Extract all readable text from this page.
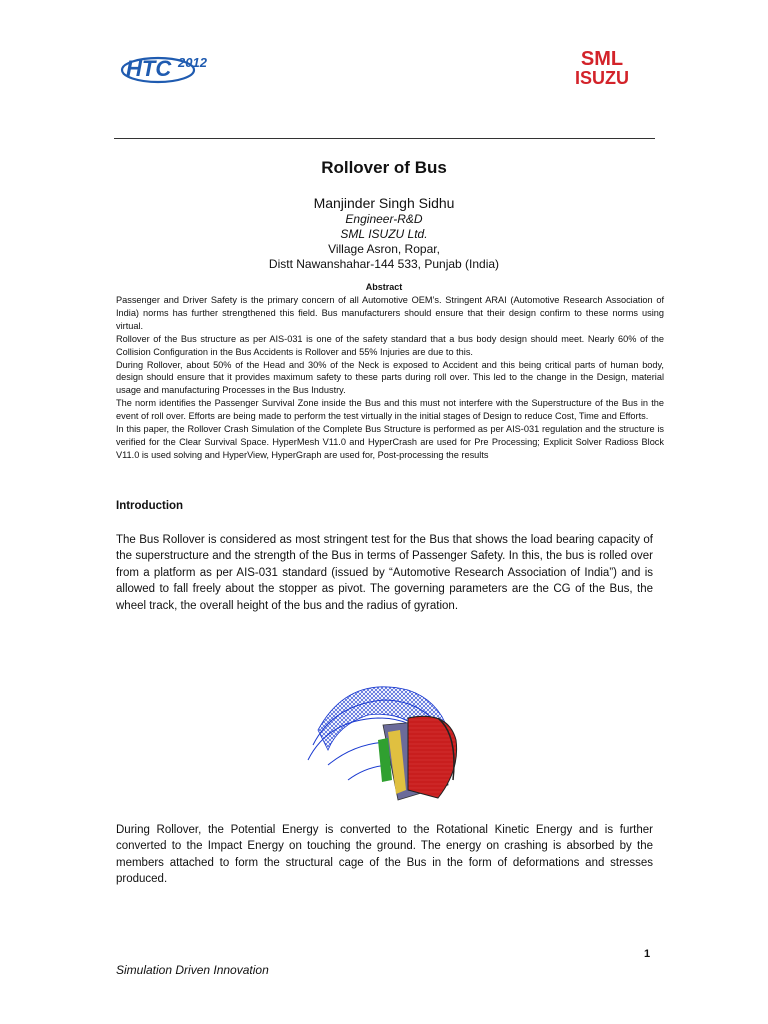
HTC 2012	SML
ISUZU
Rollover of Bus
Manjinder Singh Sidhu
Engineer-R&D
SML ISUZU Ltd.
Village Asron, Ropar,
Distt Nawanshahar-144 533, Punjab (India)
Abstract

Passenger and Driver Safety is the primary concern of all Automotive OEM’s. Stringent ARAI (Automotive Research Association of India) norms has further strengthened this field. Bus manufacturers should ensure that their design confirm to these norms using virtual.

Rollover of the Bus structure as per AIS-031 is one of the safety standard that a bus body design should meet. Nearly 60% of the Collision Configuration in the Bus Accidents is Rollover and 55% Injuries are due to this.

During Rollover, about 50% of the Head and 30% of the Neck is exposed to Accident and this being critical parts of human body, design should ensure that it provides maximum safety to these parts during roll over. This led to the change in the Design, material usage and manufacturing Processes in the Bus Industry.

The norm identifies the Passenger Survival Zone inside the Bus and this must not interfere with the Superstructure of the Bus in the event of roll over. Efforts are being made to perform the test virtually in the initial stages of Design to reduce Cost, Time and Efforts.

In this paper, the Rollover Crash Simulation of the Complete Bus Structure is performed as per AIS-031 regulation and the structure is verified for the Clear Survival Space. HyperMesh V11.0 and HyperCrash are used for Pre Processing; Explicit Solver Radioss Block V11.0 is used solving and HyperView, HyperGraph are used for, Post-processing the results

Introduction

The Bus Rollover is considered as most stringent test for the Bus that shows the load bearing capacity of the superstructure and the strength of the Bus in terms of Passenger Safety. In this, the bus is rolled over from a platform as per AIS-031 standard (issued by “Automotive Research Association of India”) and is allowed to fall freely about the stopper as pivot. The governing parameters are the CG of the Bus, the wheel track, the overall height of the bus and the radius of gyration.

During Rollover, the Potential Energy is converted to the Rotational Kinetic Energy and is further converted to the Impact Energy on touching the ground. The energy on crashing is absorbed by the members attached to form the structural cage of the Bus in the form of deformations and stresses produced.

1
Simulation Driven Innovation
